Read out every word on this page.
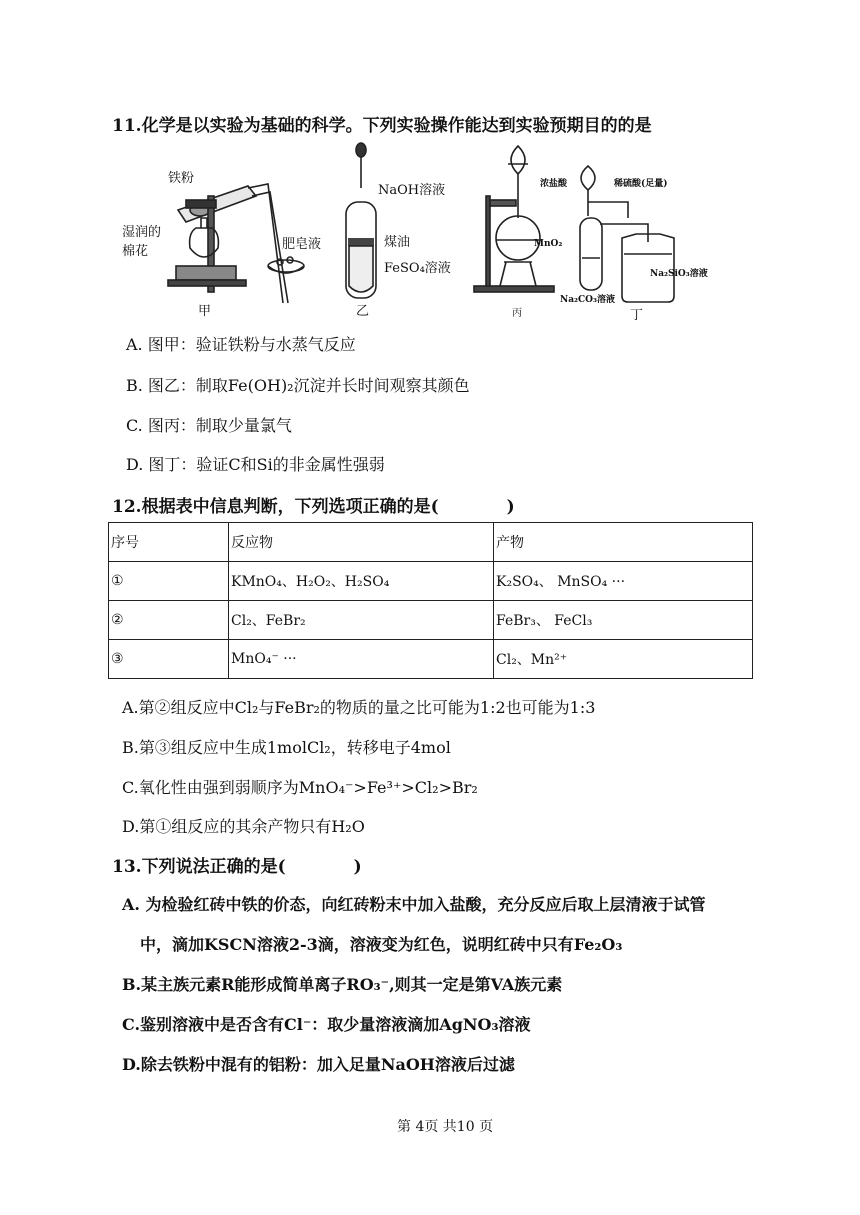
11.化学是以实验为基础的科学。下列实验操作能达到实验预期目的的是
铁粉
湿润的
棉花	肥皂液
NaOH溶液
煤油
FeSO₄溶液
浓盐酸
MnO₂
稀硫酸(足量)
Na₂SiO₃溶液
Na₂CO₃溶液
甲	乙	丙	丁
A. 图甲：验证铁粉与水蒸气反应
B. 图乙：制取Fe(OH)₂沉淀并长时间观察其颜色
C. 图丙：制取少量氯气
D. 图丁：验证C和Si的非金属性强弱
12.根据表中信息判断，下列选项正确的是(　　　　)
序号	反应物	产物
①	KMnO₄、H₂O₂、H₂SO₄	K₂SO₄、 MnSO₄ ···
②	Cl₂、FeBr₂	FeBr₃、 FeCl₃
③	MnO₄⁻ ···	Cl₂、Mn²⁺
A.第②组反应中Cl₂与FeBr₂的物质的量之比可能为1:2也可能为1:3
B.第③组反应中生成1molCl₂，转移电子4mol
C.氧化性由强到弱顺序为MnO₄⁻>Fe³⁺>Cl₂>Br₂
D.第①组反应的其余产物只有H₂O
13.下列说法正确的是(　　　　)
A. 为检验红砖中铁的价态，向红砖粉末中加入盐酸，充分反应后取上层清液于试管
中，滴加KSCN溶液2-3滴，溶液变为红色，说明红砖中只有Fe₂O₃
B.某主族元素R能形成简单离子RO₃⁻,则其一定是第VA族元素
C.鉴别溶液中是否含有Cl⁻：取少量溶液滴加AgNO₃溶液
D.除去铁粉中混有的铝粉：加入足量NaOH溶液后过滤
第 4页 共10 页
